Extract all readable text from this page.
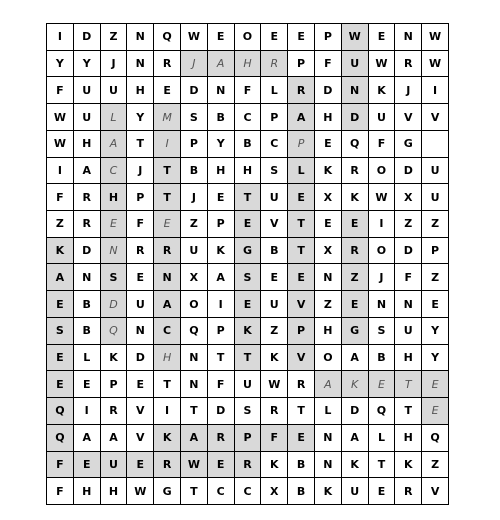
I	D	Z	N	Q	W	E	O	E	E	P	W	E	N	W
Y	Y	J	N	R	J	A	H	R	P	F	U	W	R	W
F	U	U	H	E	D	N	F	L	R	D	N	K	J	I
W	U	L	Y	M	S	B	C	P	A	H	D	U	V	V
W	H	A	T	I	P	Y	B	C	P	E	Q	F	G	
I	A	C	J	T	B	H	H	S	L	K	R	O	D	U
F	R	H	P	T	J	E	T	U	E	X	K	W	X	U
Z	R	E	F	E	Z	P	E	V	T	E	E	I	Z	Z
K	D	N	R	R	U	K	G	B	T	X	R	O	D	P
A	N	S	E	N	X	A	S	E	E	N	Z	J	F	Z
E	B	D	U	A	O	I	E	U	V	Z	E	N	N	E
S	B	Q	N	C	Q	P	K	Z	P	H	G	S	U	Y
E	L	K	D	H	N	T	T	K	V	O	A	B	H	Y
E	E	P	E	T	N	F	U	W	R	A	K	E	T	E
Q	I	R	V	I	T	D	S	R	T	L	D	Q	T	E
Q	A	A	V	K	A	R	P	F	E	N	A	L	H	Q
F	E	U	E	R	W	E	R	K	B	N	K	T	K	Z
F	H	H	W	G	T	C	C	X	B	K	U	E	R	V
